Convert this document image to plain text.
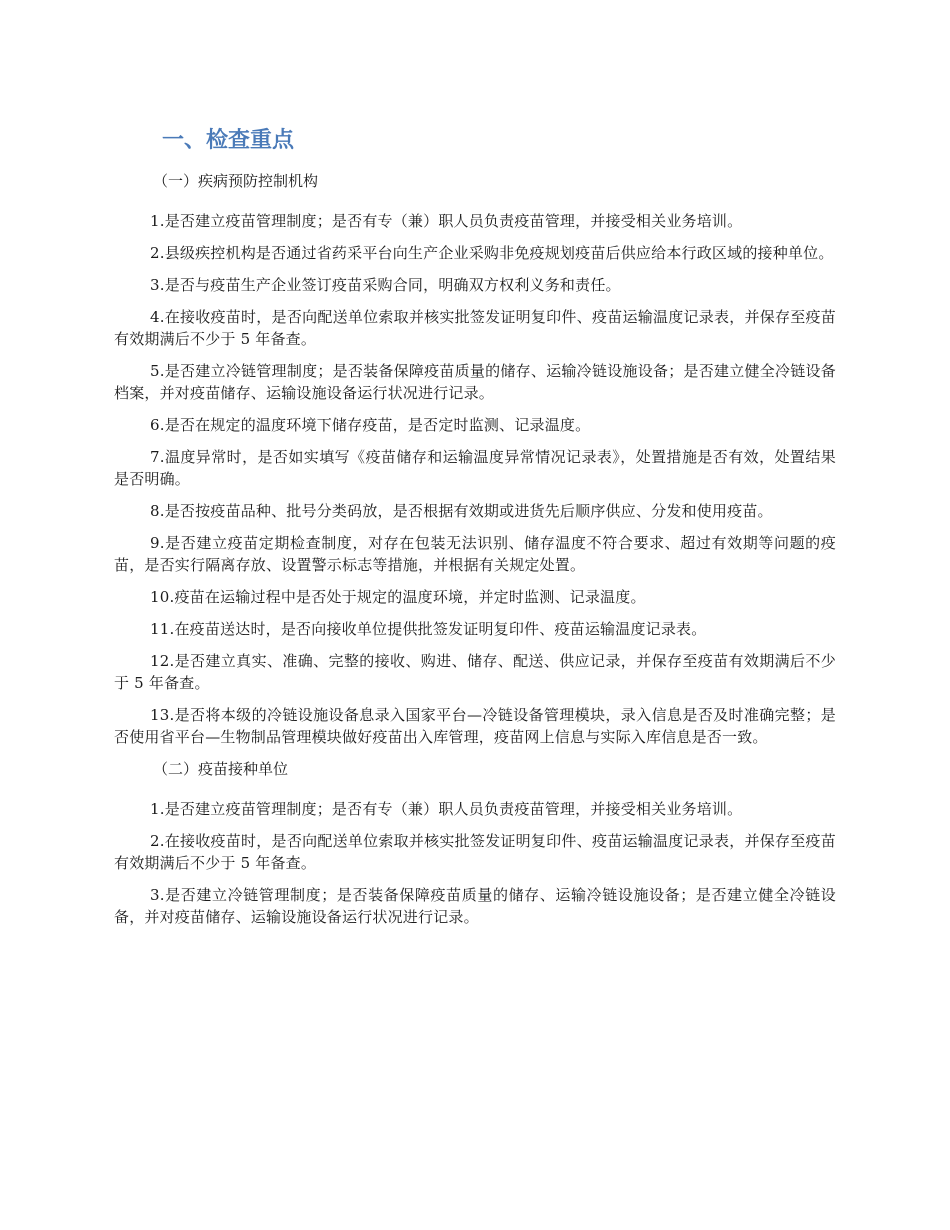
一、检查重点

（一）疾病预防控制机构

1.是否建立疫苗管理制度；是否有专（兼）职人员负责疫苗管理，并接受相关业务培训。

2.县级疾控机构是否通过省药采平台向生产企业采购非免疫规划疫苗后供应给本行政区域的接种单位。

3.是否与疫苗生产企业签订疫苗采购合同，明确双方权利义务和责任。

4.在接收疫苗时，是否向配送单位索取并核实批签发证明复印件、疫苗运输温度记录表，并保存至疫苗有效期满后不少于 5 年备查。

5.是否建立冷链管理制度；是否装备保障疫苗质量的储存、运输冷链设施设备；是否建立健全冷链设备档案，并对疫苗储存、运输设施设备运行状况进行记录。

6.是否在规定的温度环境下储存疫苗，是否定时监测、记录温度。

7.温度异常时，是否如实填写《疫苗储存和运输温度异常情况记录表》，处置措施是否有效，处置结果是否明确。

8.是否按疫苗品种、批号分类码放，是否根据有效期或进货先后顺序供应、分发和使用疫苗。

9.是否建立疫苗定期检查制度，对存在包装无法识别、储存温度不符合要求、超过有效期等问题的疫苗，是否实行隔离存放、设置警示标志等措施，并根据有关规定处置。

10.疫苗在运输过程中是否处于规定的温度环境，并定时监测、记录温度。

11.在疫苗送达时，是否向接收单位提供批签发证明复印件、疫苗运输温度记录表。

12.是否建立真实、准确、完整的接收、购进、储存、配送、供应记录，并保存至疫苗有效期满后不少于 5 年备查。

13.是否将本级的冷链设施设备息录入国家平台—冷链设备管理模块，录入信息是否及时准确完整；是否使用省平台—生物制品管理模块做好疫苗出入库管理，疫苗网上信息与实际入库信息是否一致。

（二）疫苗接种单位

1.是否建立疫苗管理制度；是否有专（兼）职人员负责疫苗管理，并接受相关业务培训。

2.在接收疫苗时，是否向配送单位索取并核实批签发证明复印件、疫苗运输温度记录表，并保存至疫苗有效期满后不少于 5 年备查。

3.是否建立冷链管理制度；是否装备保障疫苗质量的储存、运输冷链设施设备；是否建立健全冷链设备，并对疫苗储存、运输设施设备运行状况进行记录。
